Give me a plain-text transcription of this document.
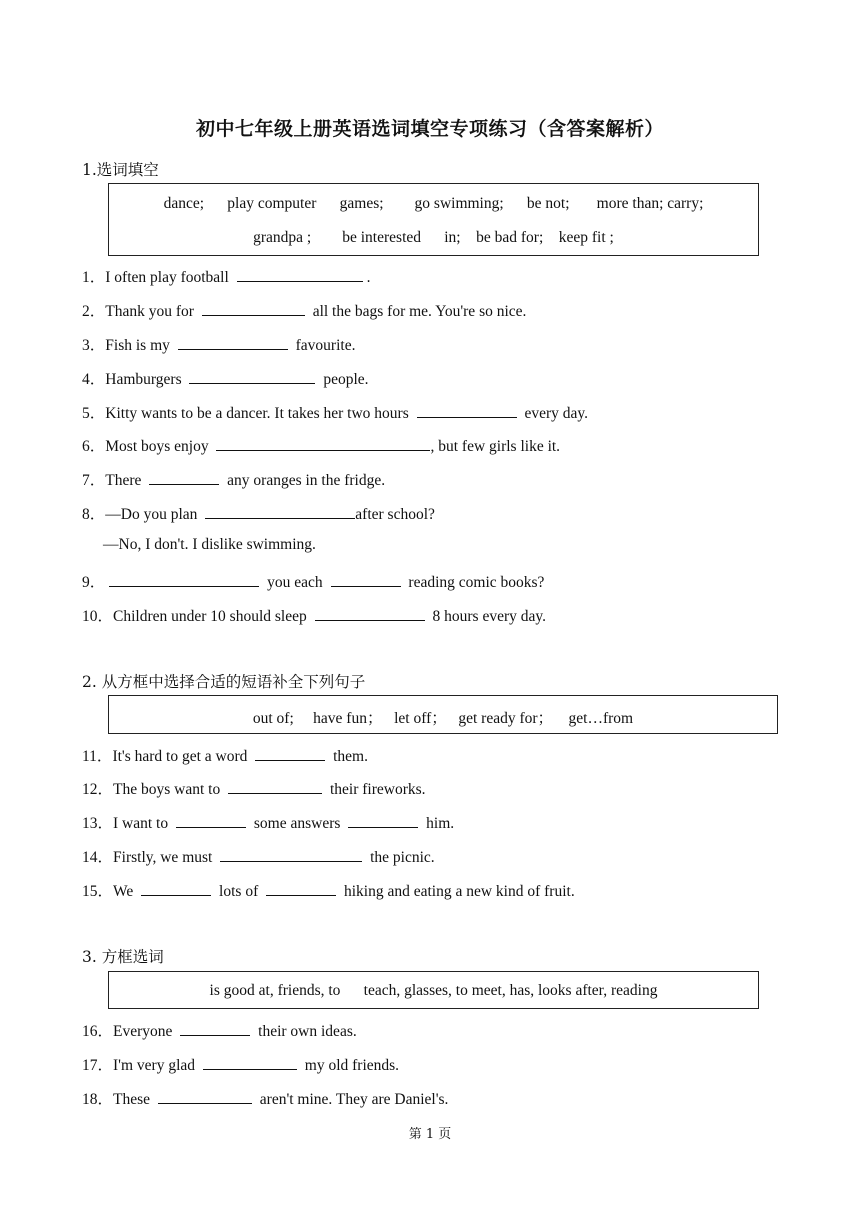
初中七年级上册英语选词填空专项练习（含答案解析）
1.选词填空
dance;      play computer      games;        go swimming;      be not;       more than; carry;
grandpa ;        be interested      in;    be bad for;    keep fit ;
1．I often play football	.
2．Thank you for	all the bags for me. You're so nice.
3．Fish is my	favourite.
4．Hamburgers	people.
5．Kitty wants to be a dancer. It takes her two hours	every day.
6．Most boys enjoy	, but few girls like it.
7．There	any oranges in the fridge.
8．—Do you plan	after school?
—No, I don't. I dislike swimming.
9．	you each	reading comic books?
10．Children under 10 should sleep	8 hours every day.
2. 从方框中选择合适的短语补全下列句子
out of;     have fun；   let off；   get ready for；    get…from
11．It's hard to get a word	them.
12．The boys want to	their fireworks.
13．I want to	some answers	him.
14．Firstly, we must	the picnic.
15．We	lots of	hiking and eating a new kind of fruit.
3. 方框选词
is good at, friends, to      teach, glasses, to meet, has, looks after, reading
16．Everyone	their own ideas.
17．I'm very glad	my old friends.
18．These	aren't mine. They are Daniel's.
第 1 页
